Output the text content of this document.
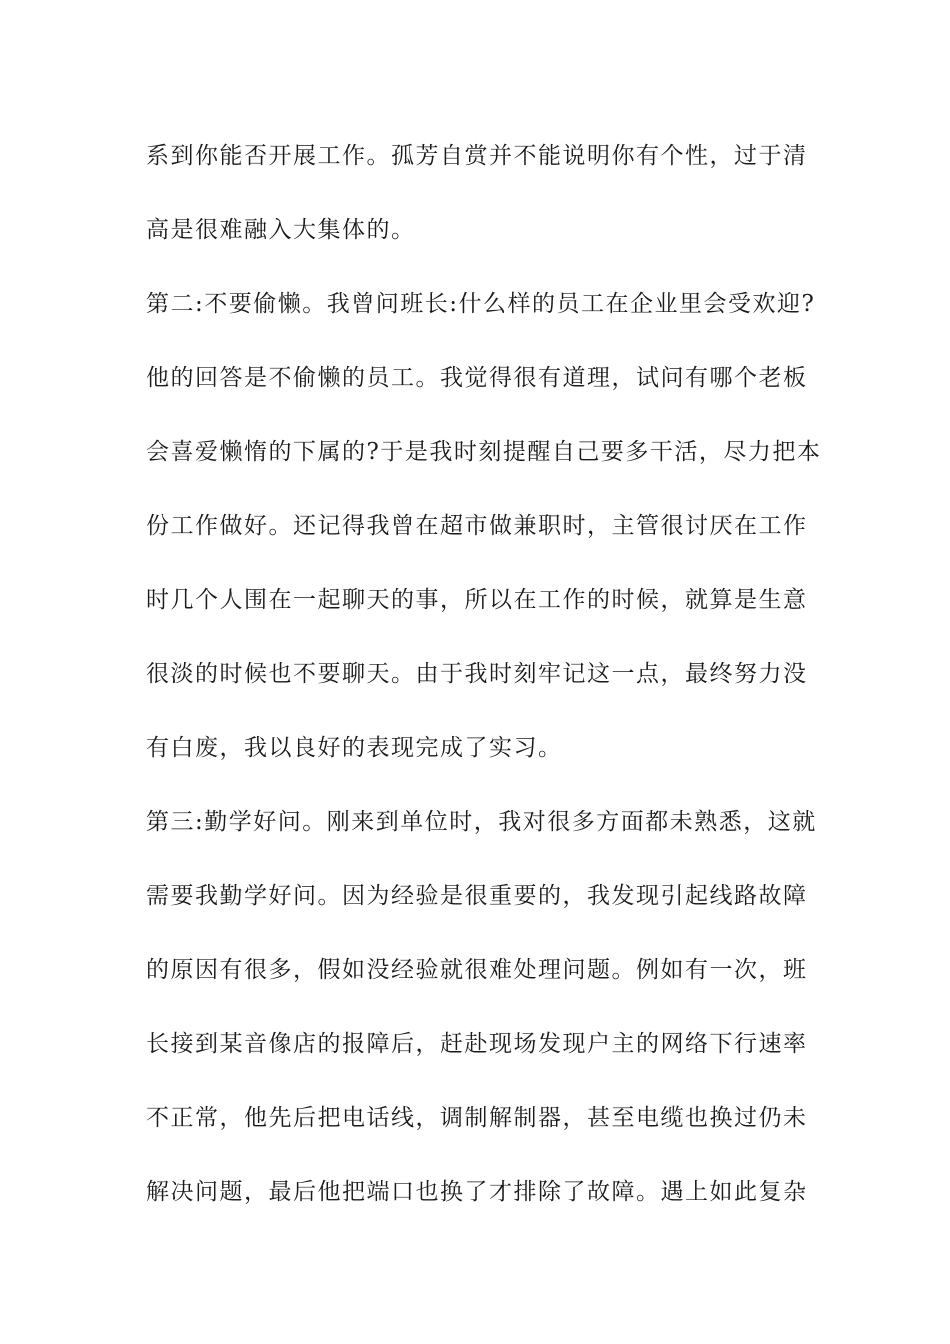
系到你能否开展工作。孤芳自赏并不能说明你有个性，过于清
高是很难融入大集体的。
第二:不要偷懒。我曾问班长:什么样的员工在企业里会受欢迎?
他的回答是不偷懒的员工。我觉得很有道理，试问有哪个老板
会喜爱懒惰的下属的?于是我时刻提醒自己要多干活，尽力把本
份工作做好。还记得我曾在超市做兼职时，主管很讨厌在工作
时几个人围在一起聊天的事，所以在工作的时候，就算是生意
很淡的时候也不要聊天。由于我时刻牢记这一点，最终努力没
有白废，我以良好的表现完成了实习。
第三:勤学好问。刚来到单位时，我对很多方面都未熟悉，这就
需要我勤学好问。因为经验是很重要的，我发现引起线路故障
的原因有很多，假如没经验就很难处理问题。例如有一次，班
长接到某音像店的报障后，赶赴现场发现户主的网络下行速率
不正常，他先后把电话线，调制解制器，甚至电缆也换过仍未
解决问题，最后他把端口也换了才排除了故障。遇上如此复杂
